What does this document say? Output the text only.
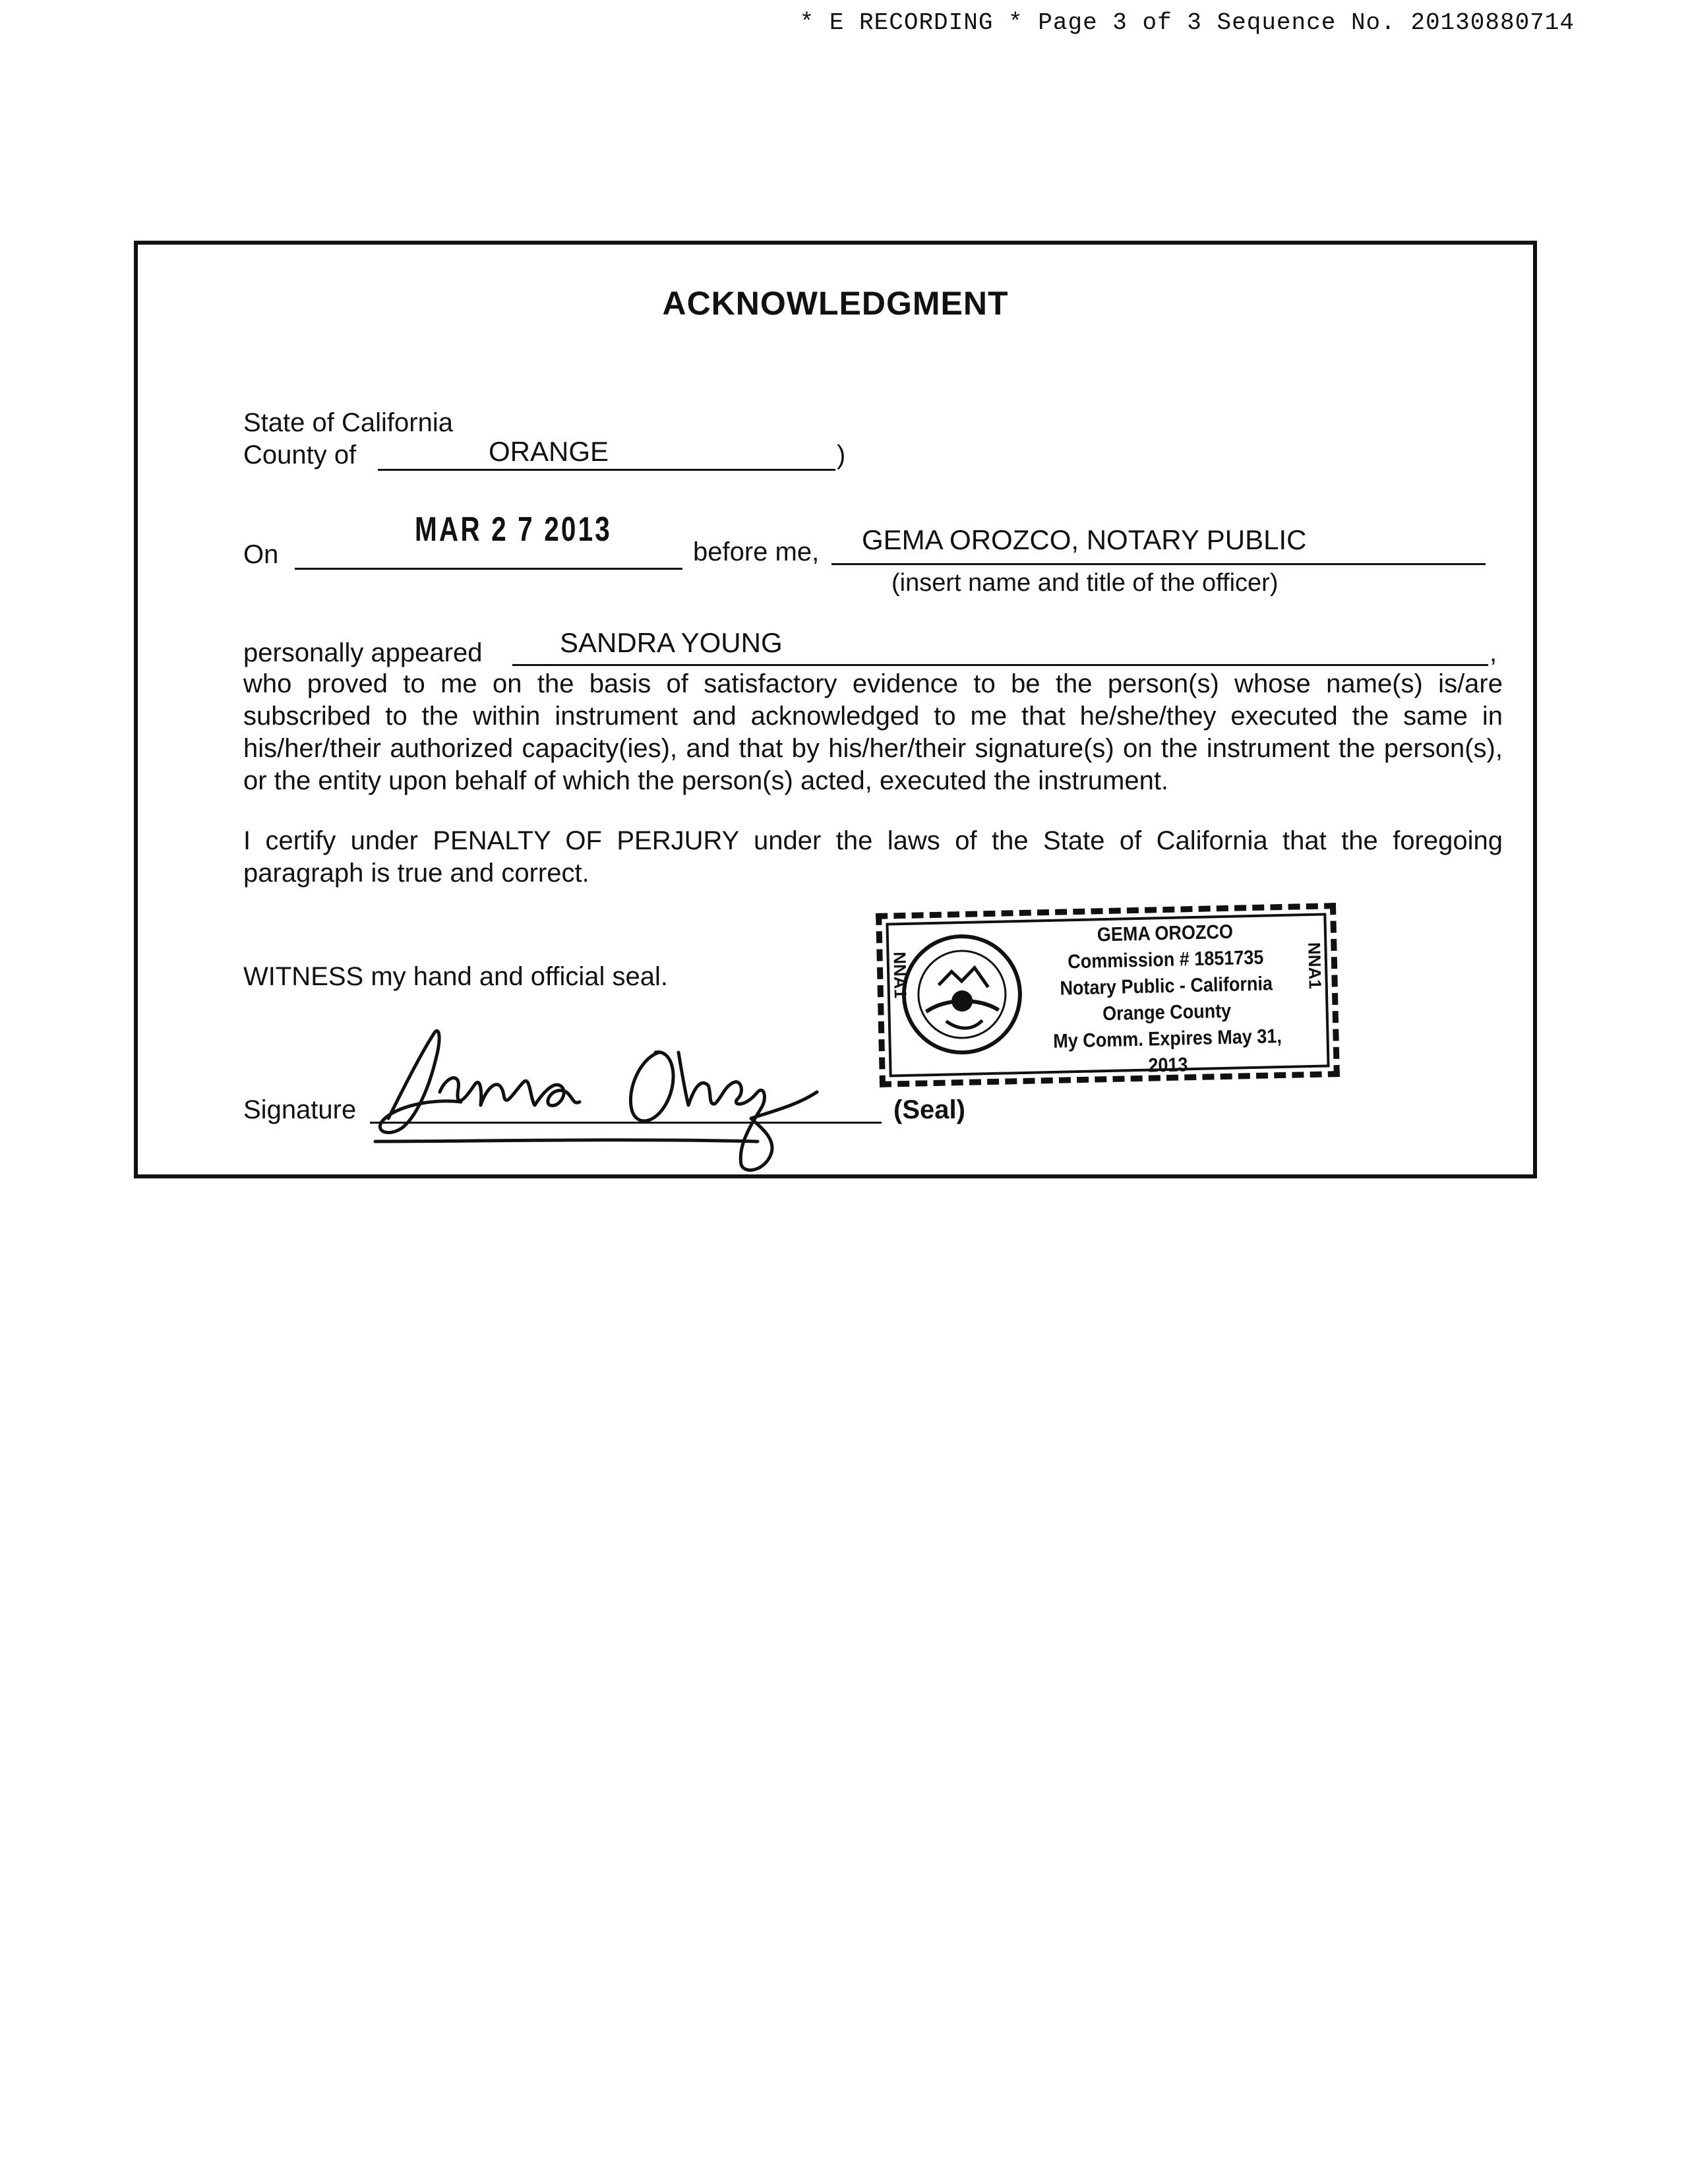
* E RECORDING * Page 3 of 3 Sequence No. 20130880714
ACKNOWLEDGMENT
State of California
County of	ORANGE	)
On
MAR 2 7 2013
before me, GEMA OROZCO, NOTARY PUBLIC
(insert name and title of the officer)
personally appeared	SANDRA YOUNG	,
who proved to me on the basis of satisfactory evidence to be the person(s) whose name(s) is/are subscribed to the within instrument and acknowledged to me that he/she/they executed the same in his/her/their authorized capacity(ies), and that by his/her/their signature(s) on the instrument the person(s), or the entity upon behalf of which the person(s) acted, executed the instrument.
I certify under PENALTY OF PERJURY under the laws of the State of California that the foregoing paragraph is true and correct.
WITNESS my hand and official seal.
Signature	(Seal)
NNA1	NNA1
GEMA OROZCO
Commission # 1851735
Notary Public - California
Orange County
My Comm. Expires May 31, 2013
